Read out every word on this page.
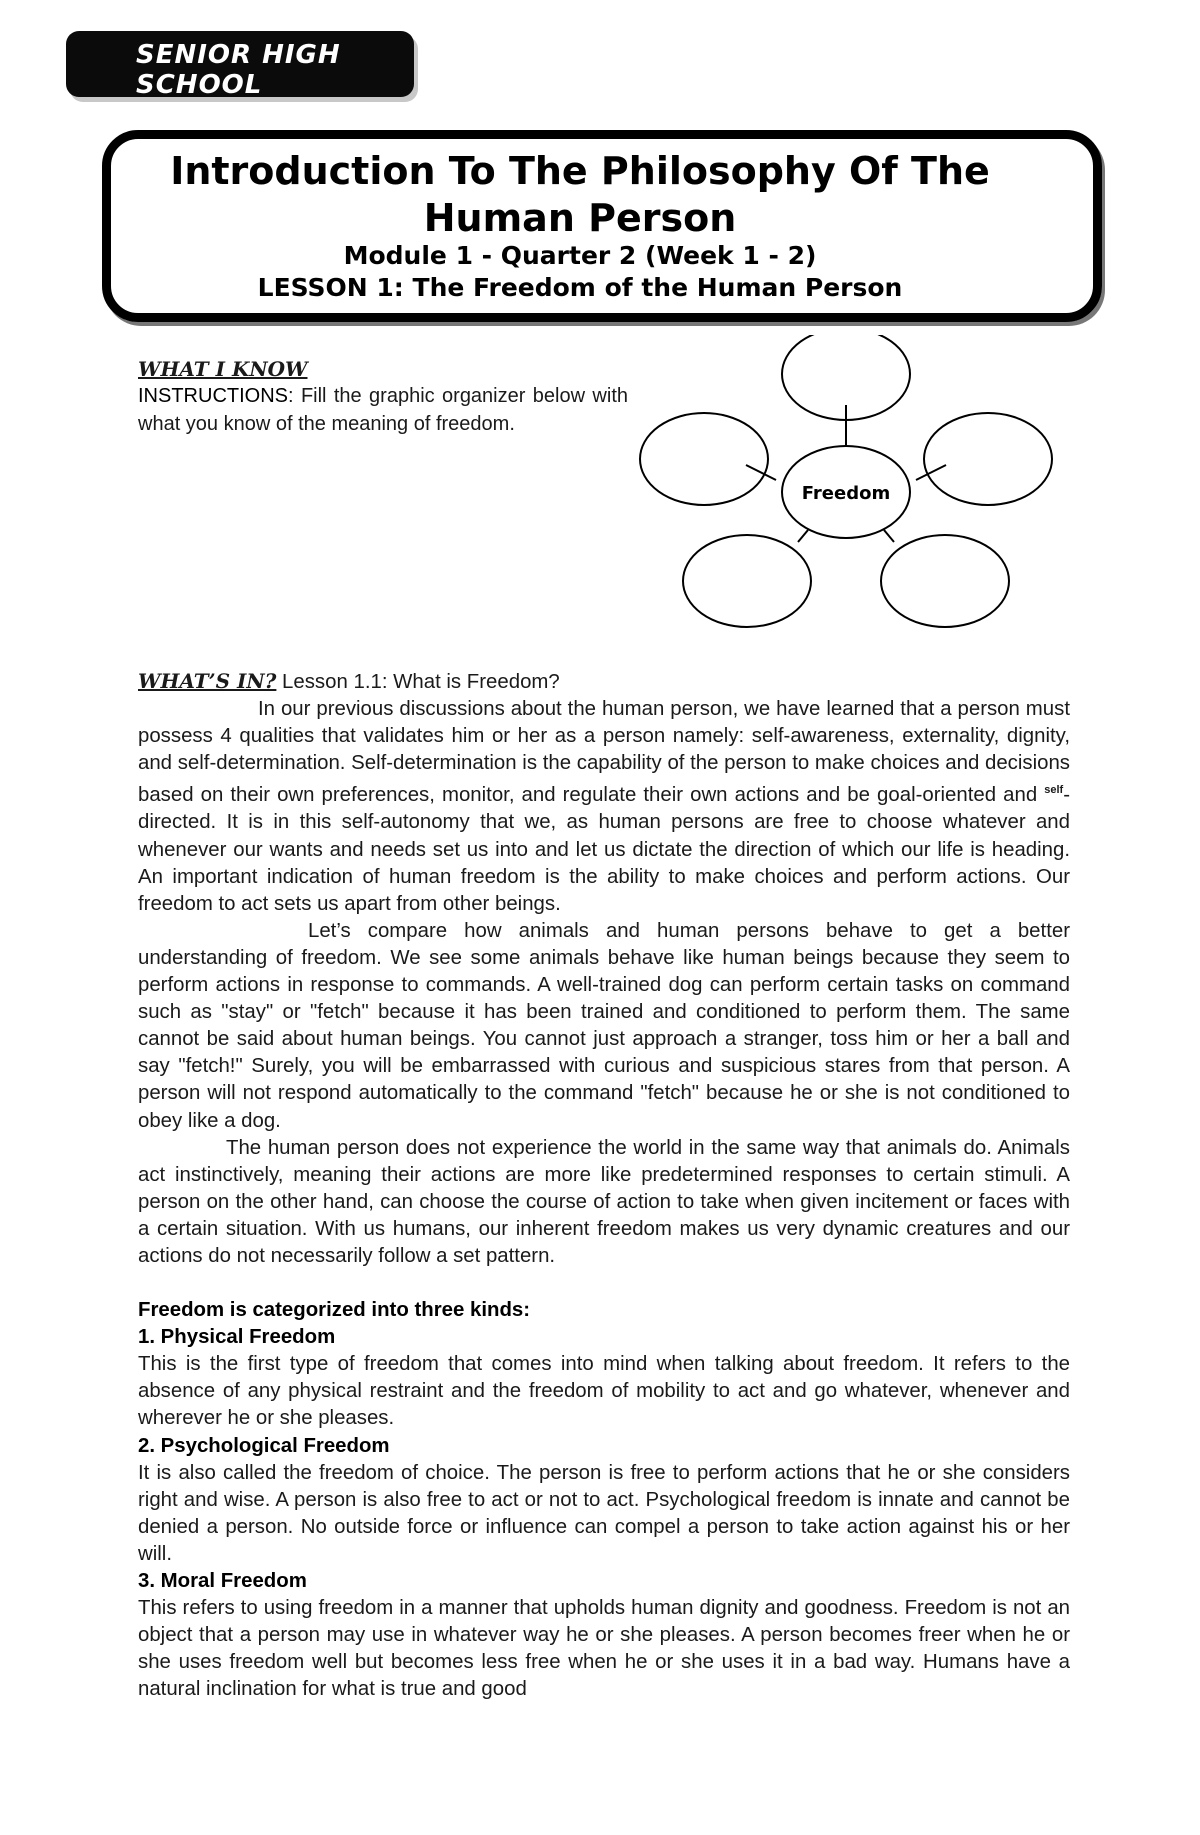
SENIOR HIGH SCHOOL
Introduction To The Philosophy Of The Human Person
Module 1 - Quarter 2 (Week 1 - 2)
LESSON 1: The Freedom of the Human Person
WHAT I KNOW
INSTRUCTIONS: Fill the graphic organizer below with what you know of the meaning of freedom.
Freedom

WHAT’S IN? Lesson 1.1: What is Freedom?

In our previous discussions about the human person, we have learned that a person must possess 4 qualities that validates him or her as a person namely: self-awareness, externality, dignity, and self-determination. Self-determination is the capability of the person to make choices and decisions based on their own preferences, monitor, and regulate their own actions and be goal-oriented and $^{self}$-directed. It is in this self-autonomy that we, as human persons are free to choose whatever and whenever our wants and needs set us into and let us dictate the direction of which our life is heading. An important indication of human freedom is the ability to make choices and perform actions. Our freedom to act sets us apart from other beings.

Let’s compare how animals and human persons behave to get a better understanding of freedom. We see some animals behave like human beings because they seem to perform actions in response to commands. A well-trained dog can perform certain tasks on command such as "stay" or "fetch" because it has been trained and conditioned to perform them. The same cannot be said about human beings. You cannot just approach a stranger, toss him or her a ball and say "fetch!" Surely, you will be embarrassed with curious and suspicious stares from that person. A person will not respond automatically to the command "fetch" because he or she is not conditioned to obey like a dog.

The human person does not experience the world in the same way that animals do. Animals act instinctively, meaning their actions are more like predetermined responses to certain stimuli. A person on the other hand, can choose the course of action to take when given incitement or faces with a certain situation. With us humans, our inherent freedom makes us very dynamic creatures and our actions do not necessarily follow a set pattern.

Freedom is categorized into three kinds:

1. Physical Freedom

This is the first type of freedom that comes into mind when talking about freedom. It refers to the absence of any physical restraint and the freedom of mobility to act and go whatever, whenever and wherever he or she pleases.

2. Psychological Freedom

It is also called the freedom of choice. The person is free to perform actions that he or she considers right and wise. A person is also free to act or not to act. Psychological freedom is innate and cannot be denied a person. No outside force or influence can compel a person to take action against his or her will.

3. Moral Freedom

This refers to using freedom in a manner that upholds human dignity and goodness. Freedom is not an object that a person may use in whatever way he or she pleases. A person becomes freer when he or she uses freedom well but becomes less free when he or she uses it in a bad way. Humans have a natural inclination for what is true and good
